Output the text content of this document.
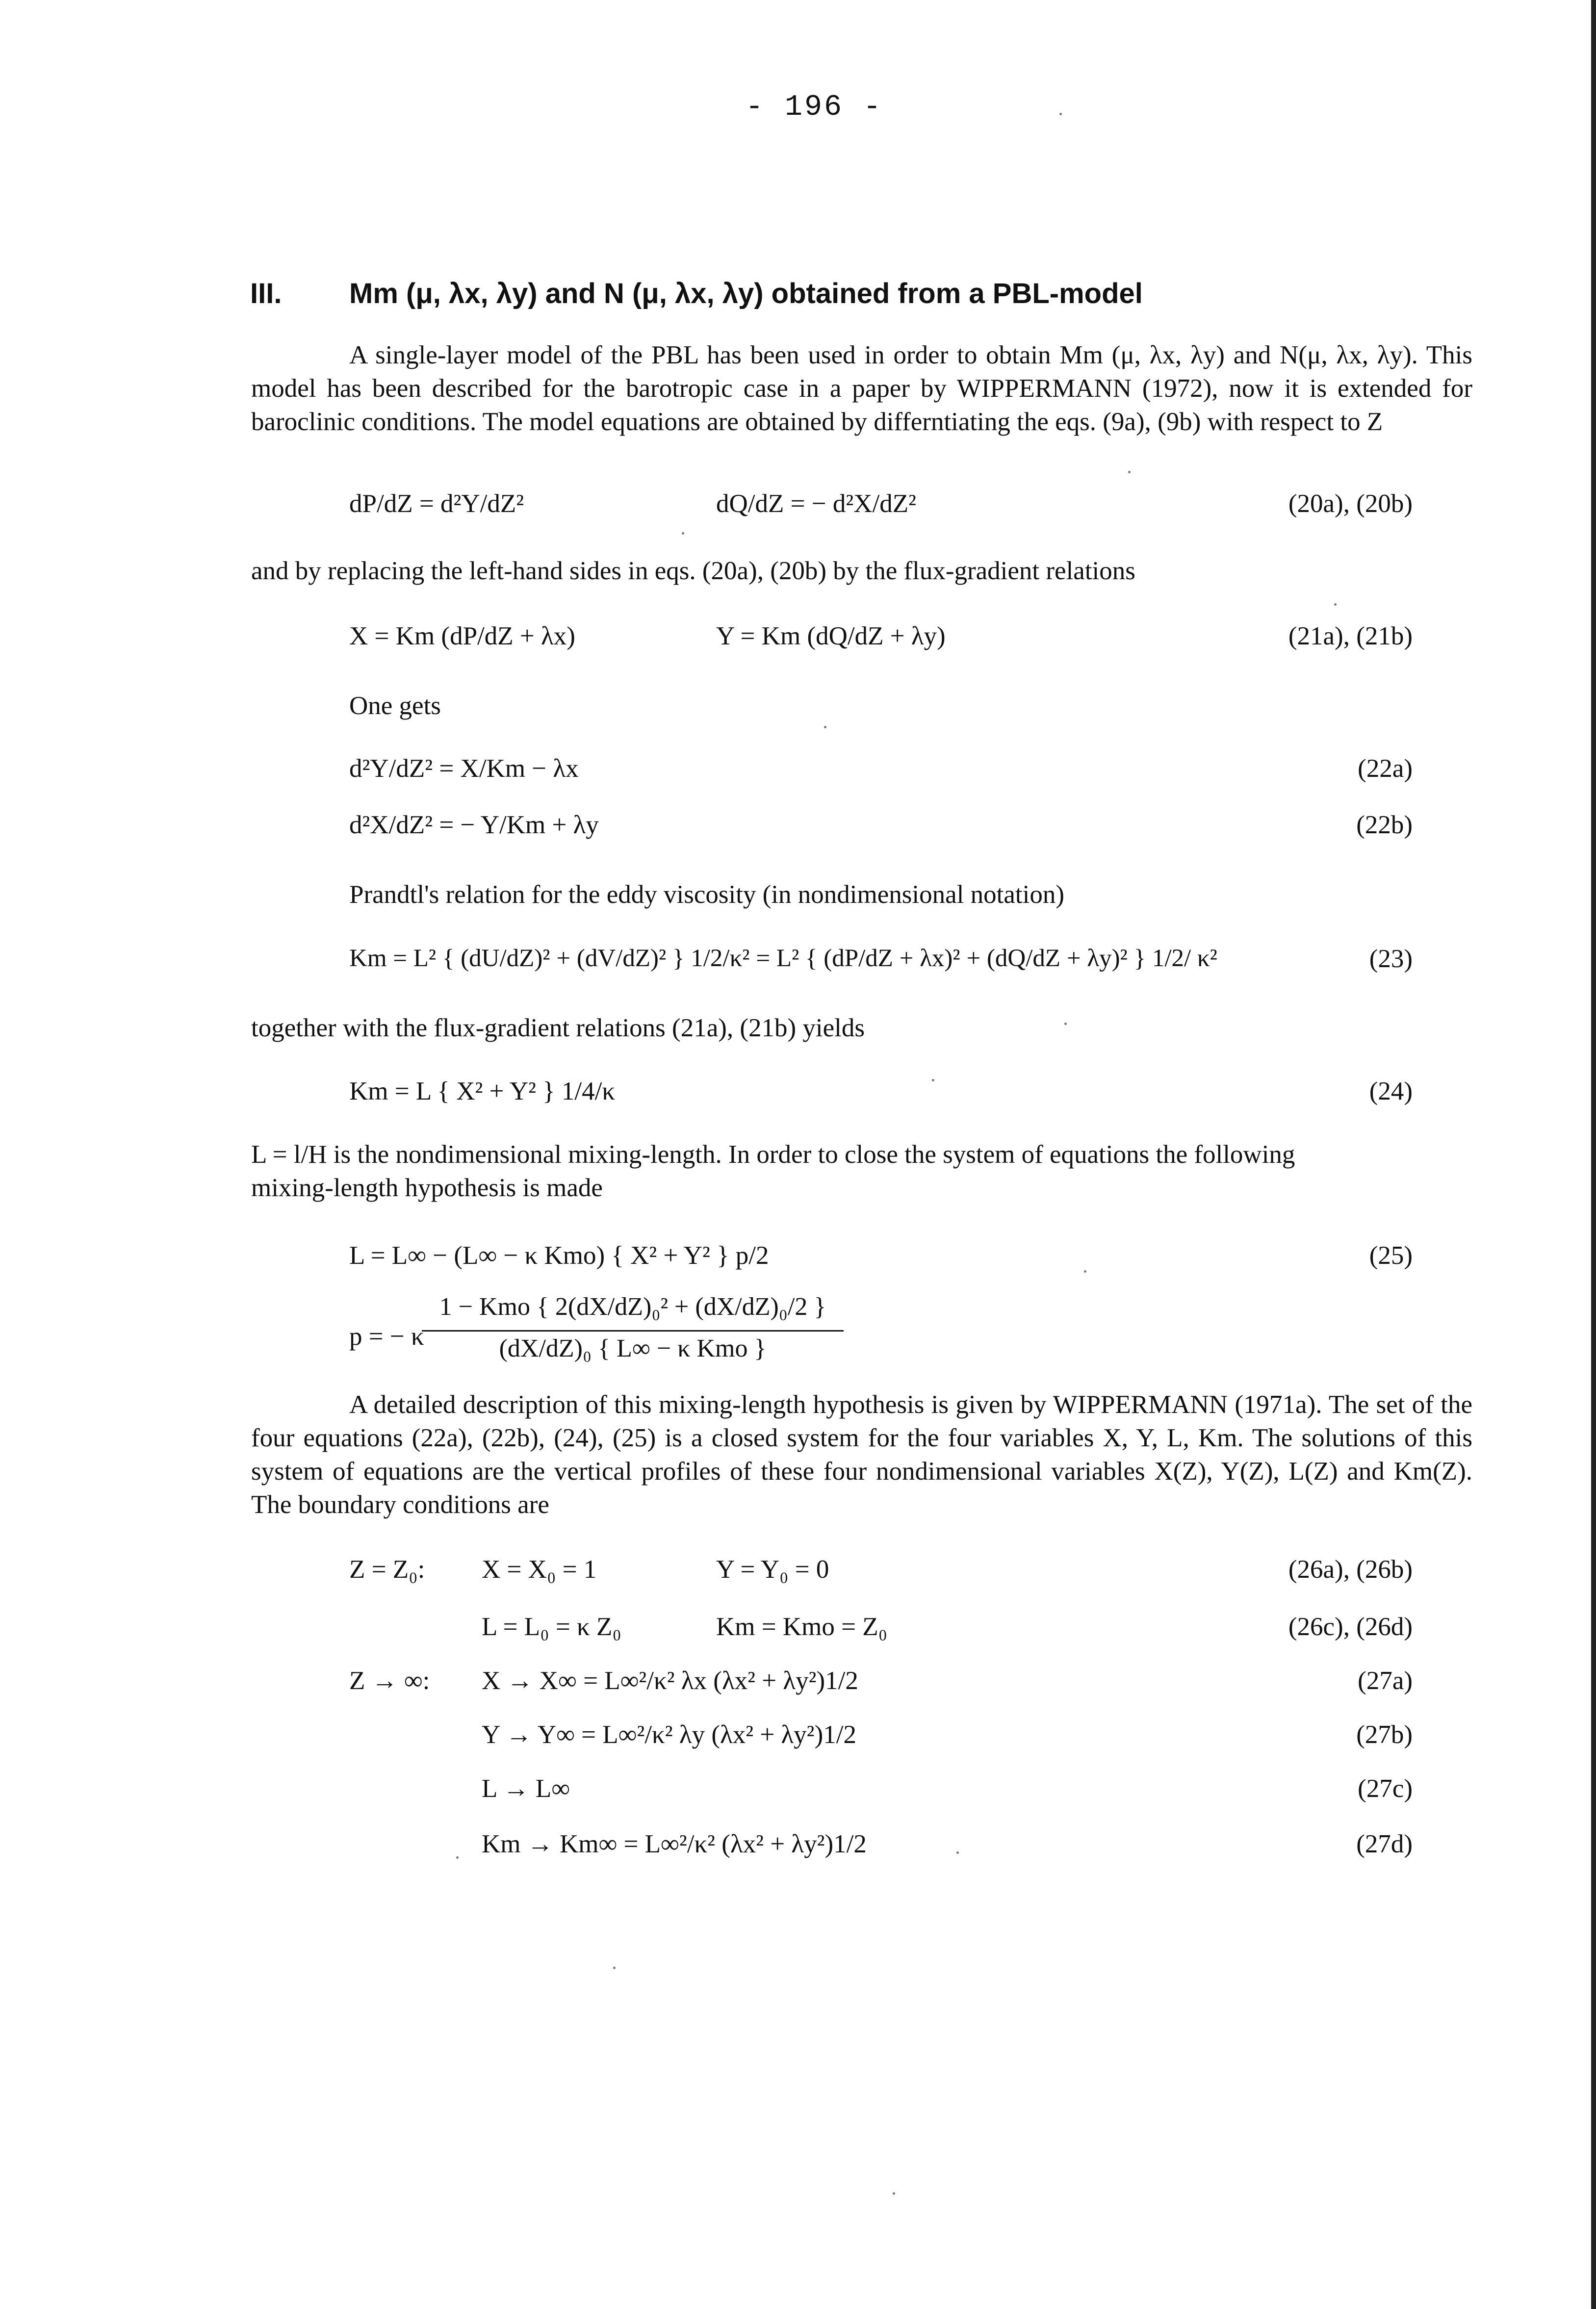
- 196 -
III. Mm (μ, λx, λy) and N (μ, λx, λy) obtained from a PBL-model
A single-layer model of the PBL has been used in order to obtain Mm (μ, λx, λy) and N(μ, λx, λy). This model has been described for the barotropic case in a paper by WIPPERMANN (1972), now it is extended for baroclinic conditions. The model equations are obtained by differntiating the eqs. (9a), (9b) with respect to Z
dP/dZ = d²Y/dZ²	dQ/dZ = − d²X/dZ²	(20a), (20b)
and by replacing the left-hand sides in eqs. (20a), (20b) by the flux-gradient relations
X = Km (dP/dZ + λx)	Y = Km (dQ/dZ + λy)	(21a), (21b)
One gets
d²Y/dZ² = X/Km − λx	(22a)
d²X/dZ² = − Y/Km + λy	(22b)
Prandtl's relation for the eddy viscosity (in nondimensional notation)
Km = L² { (dU/dZ)² + (dV/dZ)² } 1/2/κ² = L² { (dP/dZ + λx)² + (dQ/dZ + λy)² } 1/2/ κ²	(23)
together with the flux-gradient relations (21a), (21b) yields
Km = L { X² + Y² } 1/4/κ	(24)
L = l/H is the nondimensional mixing-length. In order to close the system of equations the following mixing-length hypothesis is made
L = L∞ − (L∞ − κ Kmo) { X² + Y² } p/2	(25)
p = − κ
1 − Kmo { 2(dX/dZ)₀² + (dX/dZ)₀/2 }
(dX/dZ)₀ { L∞ − κ Kmo }
A detailed description of this mixing-length hypothesis is given by WIPPERMANN (1971a). The set of the four equations (22a), (22b), (24), (25) is a closed system for the four variables X, Y, L, Km. The solutions of this system of equations are the vertical profiles of these four nondimensional variables X(Z), Y(Z), L(Z) and Km(Z). The boundary conditions are
Z = Z₀: X = X₀ = 1	Y = Y₀ = 0	(26a), (26b)
L = L₀ = κ Z₀	Km = Kmo = Z₀	(26c), (26d)
Z → ∞: X → X∞ = L∞²/κ² λx (λx² + λy²)1/2	(27a)
Y → Y∞ = L∞²/κ² λy (λx² + λy²)1/2	(27b)
L → L∞	(27c)
Km → Km∞ = L∞²/κ² (λx² + λy²)1/2	(27d)
